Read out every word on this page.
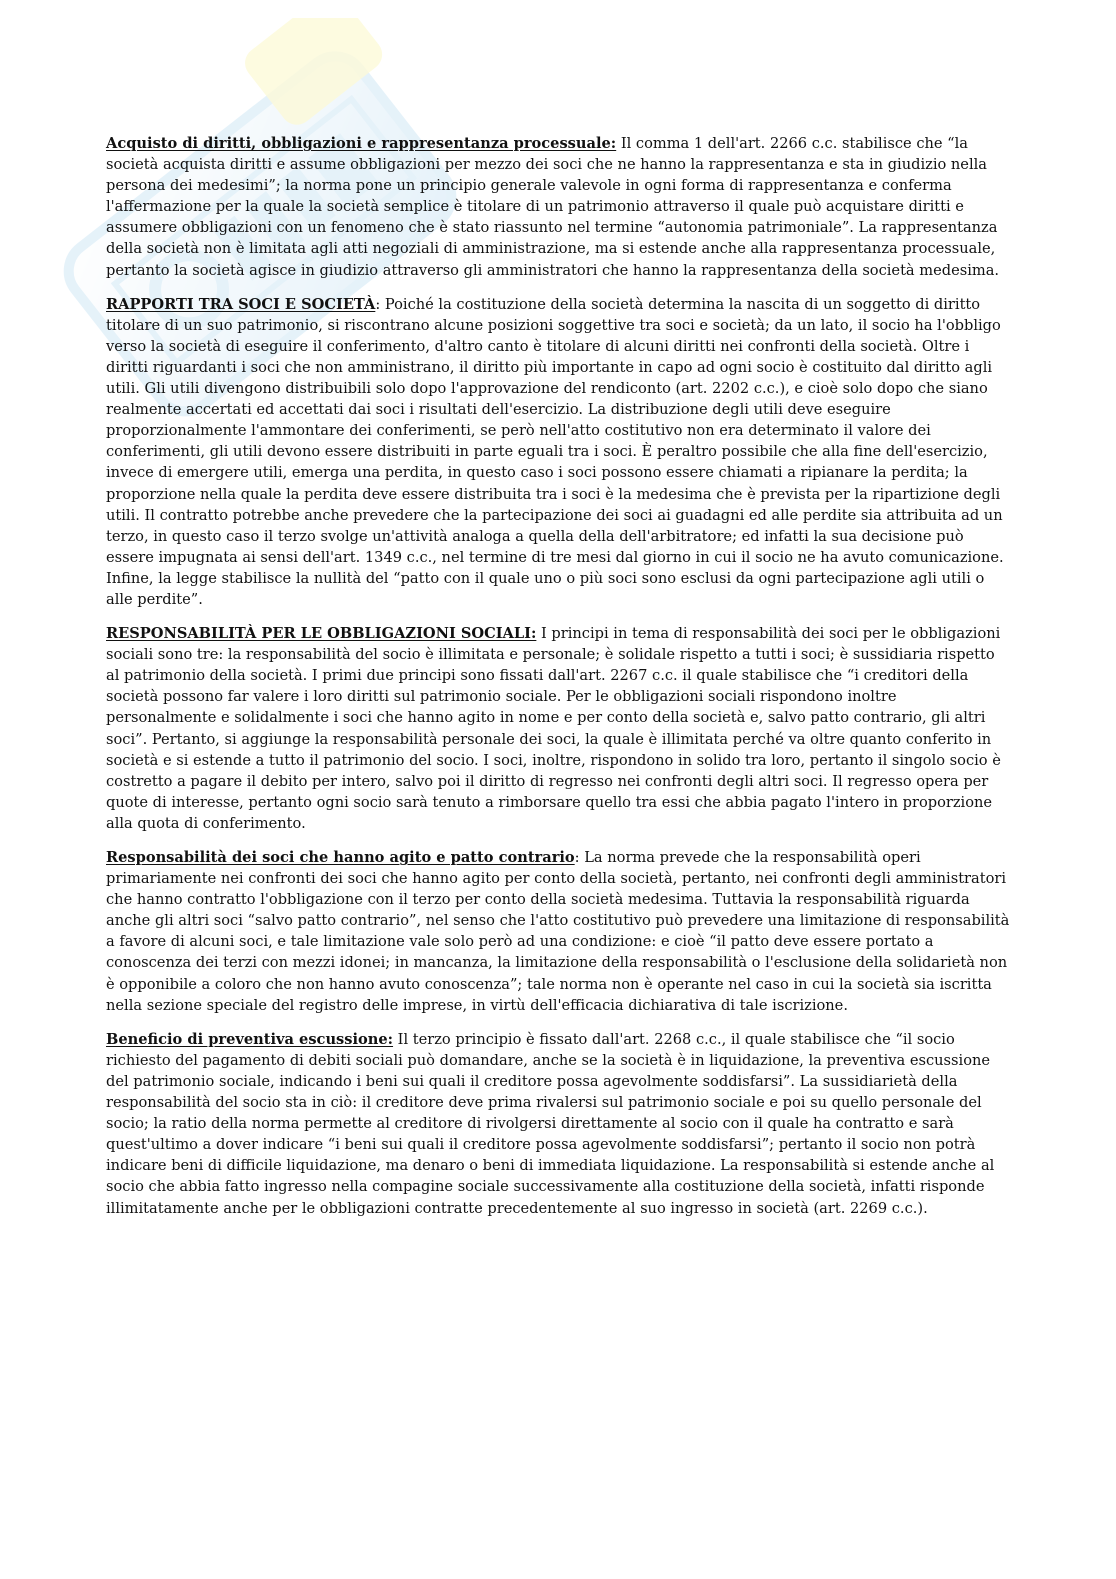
Acquisto di diritti, obbligazioni e rappresentanza processuale: Il comma 1 dell'art. 2266 c.c. stabilisce che “la società acquista diritti e assume obbligazioni per mezzo dei soci che ne hanno la rappresentanza e sta in giudizio nella persona dei medesimi”; la norma pone un principio generale valevole in ogni forma di rappresentanza e conferma l'affermazione per la quale la società semplice è titolare di un patrimonio attraverso il quale può acquistare diritti e assumere obbligazioni con un fenomeno che è stato riassunto nel termine “autonomia patrimoniale”. La rappresentanza della società non è limitata agli atti negoziali di amministrazione, ma si estende anche alla rappresentanza processuale, pertanto la società agisce in giudizio attraverso gli amministratori che hanno la rappresentanza della società medesima.

RAPPORTI TRA SOCI E SOCIETÀ: Poiché la costituzione della società determina la nascita di un soggetto di diritto titolare di un suo patrimonio, si riscontrano alcune posizioni soggettive tra soci e società; da un lato, il socio ha l'obbligo verso la società di eseguire il conferimento, d'altro canto è titolare di alcuni diritti nei confronti della società. Oltre i diritti riguardanti i soci che non amministrano, il diritto più importante in capo ad ogni socio è costituito dal diritto agli utili. Gli utili divengono distribuibili solo dopo l'approvazione del rendiconto (art. 2202 c.c.), e cioè solo dopo che siano realmente accertati ed accettati dai soci i risultati dell'esercizio. La distribuzione degli utili deve eseguire proporzionalmente l'ammontare dei conferimenti, se però nell'atto costitutivo non era determinato il valore dei conferimenti, gli utili devono essere distribuiti in parte eguali tra i soci. È peraltro possibile che alla fine dell'esercizio, invece di emergere utili, emerga una perdita, in questo caso i soci possono essere chiamati a ripianare la perdita; la proporzione nella quale la perdita deve essere distribuita tra i soci è la medesima che è prevista per la ripartizione degli utili. Il contratto potrebbe anche prevedere che la partecipazione dei soci ai guadagni ed alle perdite sia attribuita ad un terzo, in questo caso il terzo svolge un'attività analoga a quella della dell'arbitratore; ed infatti la sua decisione può essere impugnata ai sensi dell'art. 1349 c.c., nel termine di tre mesi dal giorno in cui il socio ne ha avuto comunicazione. Infine, la legge stabilisce la nullità del “patto con il quale uno o più soci sono esclusi da ogni partecipazione agli utili o alle perdite”.

RESPONSABILITÀ PER LE OBBLIGAZIONI SOCIALI: I principi in tema di responsabilità dei soci per le obbligazioni sociali sono tre: la responsabilità del socio è illimitata e personale; è solidale rispetto a tutti i soci; è sussidiaria rispetto al patrimonio della società. I primi due principi sono fissati dall'art. 2267 c.c. il quale stabilisce che “i creditori della società possono far valere i loro diritti sul patrimonio sociale. Per le obbligazioni sociali rispondono inoltre personalmente e solidalmente i soci che hanno agito in nome e per conto della società e, salvo patto contrario, gli altri soci”. Pertanto, si aggiunge la responsabilità personale dei soci, la quale è illimitata perché va oltre quanto conferito in società e si estende a tutto il patrimonio del socio. I soci, inoltre, rispondono in solido tra loro, pertanto il singolo socio è costretto a pagare il debito per intero, salvo poi il diritto di regresso nei confronti degli altri soci. Il regresso opera per quote di interesse, pertanto ogni socio sarà tenuto a rimborsare quello tra essi che abbia pagato l'intero in proporzione alla quota di conferimento.

Responsabilità dei soci che hanno agito e patto contrario: La norma prevede che la responsabilità operi primariamente nei confronti dei soci che hanno agito per conto della società, pertanto, nei confronti degli amministratori che hanno contratto l'obbligazione con il terzo per conto della società medesima. Tuttavia la responsabilità riguarda anche gli altri soci “salvo patto contrario”, nel senso che l'atto costitutivo può prevedere una limitazione di responsabilità a favore di alcuni soci, e tale limitazione vale solo però ad una condizione: e cioè “il patto deve essere portato a conoscenza dei terzi con mezzi idonei; in mancanza, la limitazione della responsabilità o l'esclusione della solidarietà non è opponibile a coloro che non hanno avuto conoscenza”; tale norma non è operante nel caso in cui la società sia iscritta nella sezione speciale del registro delle imprese, in virtù dell'efficacia dichiarativa di tale iscrizione.

Beneficio di preventiva escussione: Il terzo principio è fissato dall'art. 2268 c.c., il quale stabilisce che “il socio richiesto del pagamento di debiti sociali può domandare, anche se la società è in liquidazione, la preventiva escussione del patrimonio sociale, indicando i beni sui quali il creditore possa agevolmente soddisfarsi”. La sussidiarietà della responsabilità del socio sta in ciò: il creditore deve prima rivalersi sul patrimonio sociale e poi su quello personale del socio; la ratio della norma permette al creditore di rivolgersi direttamente al socio con il quale ha contratto e sarà quest'ultimo a dover indicare “i beni sui quali il creditore possa agevolmente soddisfarsi”; pertanto il socio non potrà indicare beni di difficile liquidazione, ma denaro o beni di immediata liquidazione. La responsabilità si estende anche al socio che abbia fatto ingresso nella compagine sociale successivamente alla costituzione della società, infatti risponde illimitatamente anche per le obbligazioni contratte precedentemente al suo ingresso in società (art. 2269 c.c.).
